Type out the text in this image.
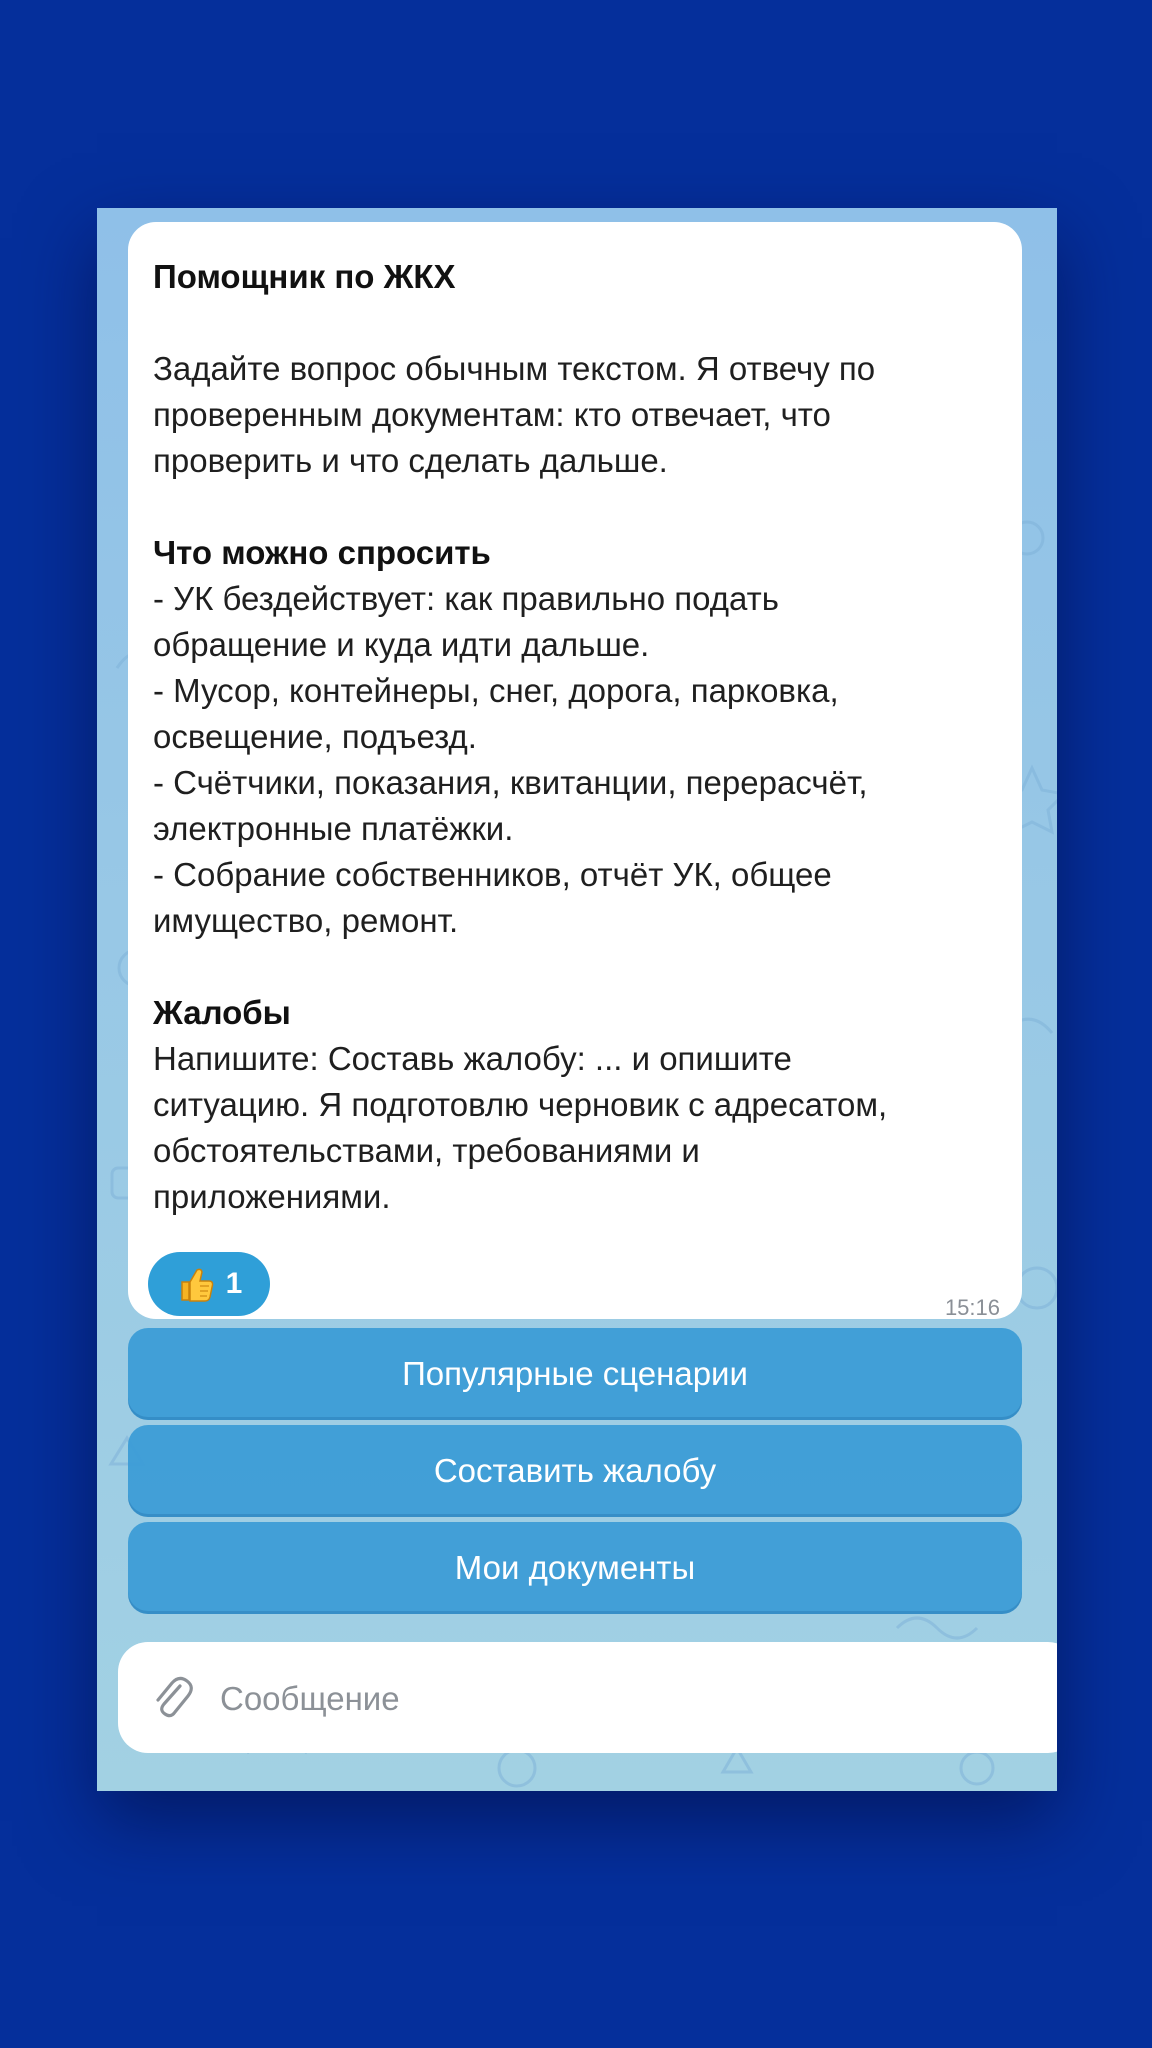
Помощник по ЖКХ

Задайте вопрос обычным текстом. Я отвечу по

проверенным документам: кто отвечает, что

проверить и что сделать дальше.

Что можно спросить

- УК бездействует: как правильно подать

обращение и куда идти дальше.

- Мусор, контейнеры, снег, дорога, парковка,

освещение, подъезд.

- Счётчики, показания, квитанции, перерасчёт,

электронные платёжки.

- Собрание собственников, отчёт УК, общее

имущество, ремонт.

Жалобы

Напишите: Составь жалобу: ... и опишите

ситуацию. Я подготовлю черновик с адресатом,

обстоятельствами, требованиями и

приложениями.

1
15:16
Популярные сценарии
Составить жалобу
Мои документы
Сообщение
